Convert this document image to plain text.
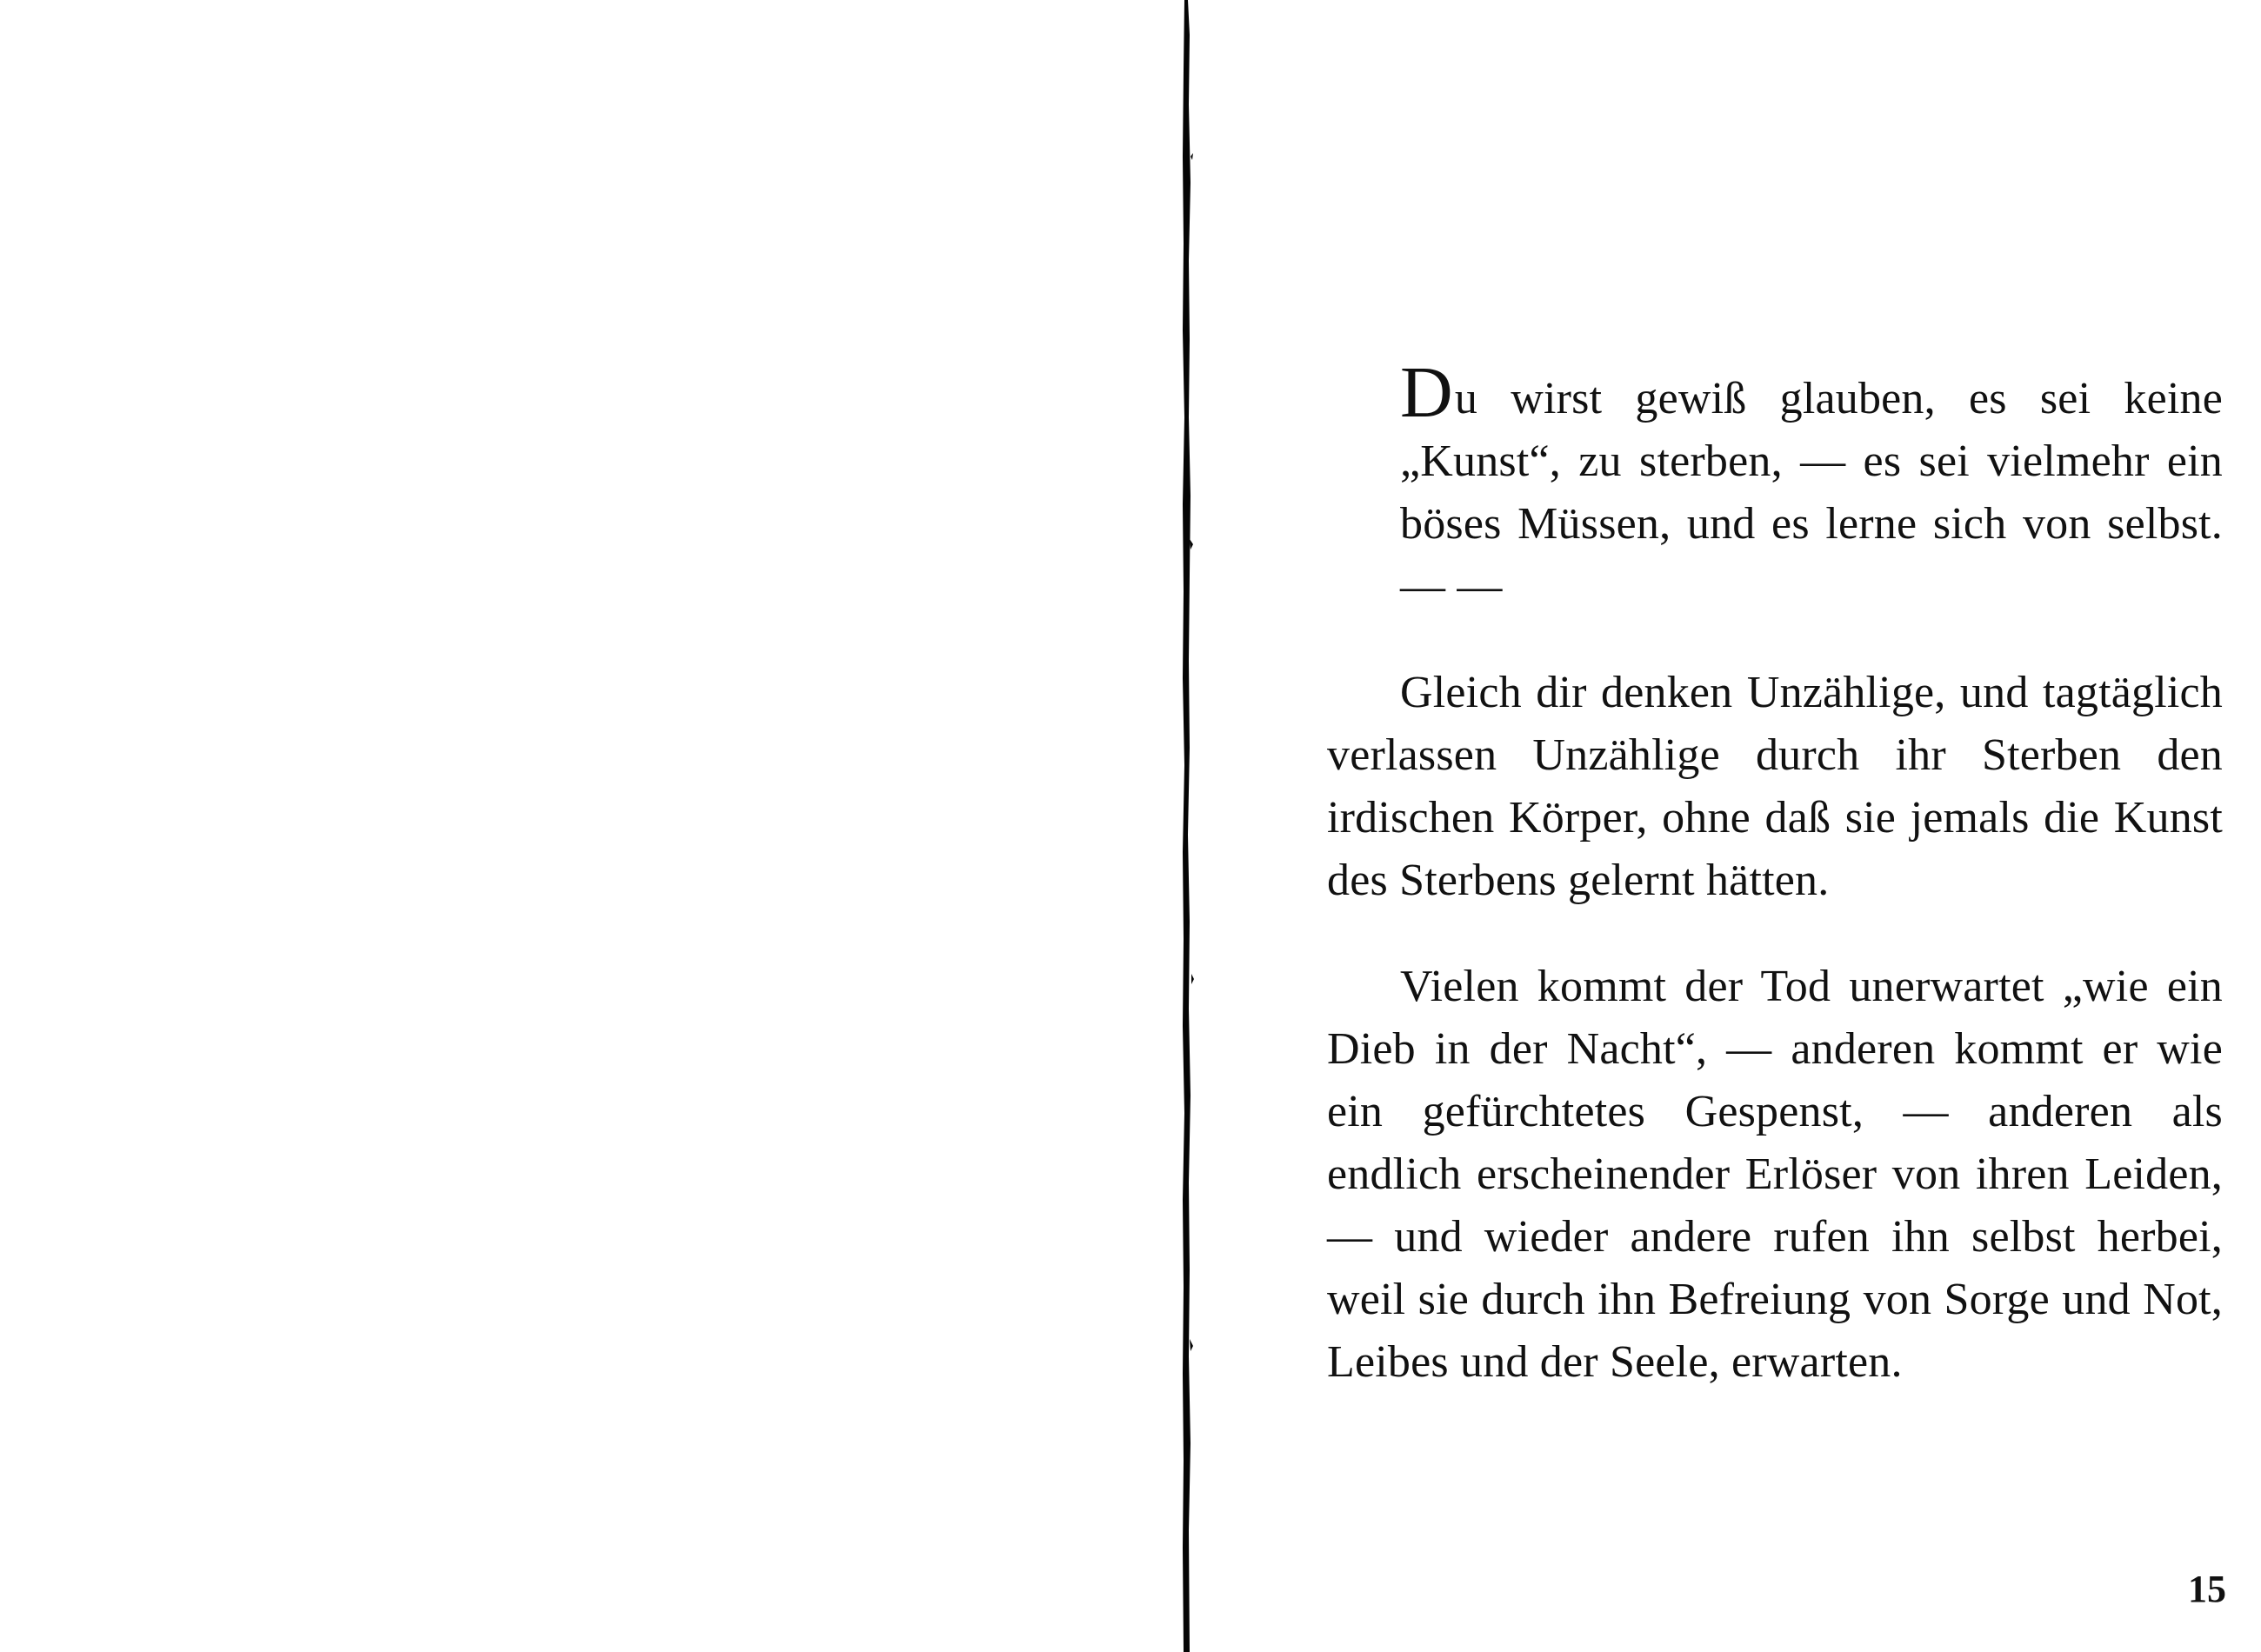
Du wirst gewiß glauben, es sei keine „Kunst“, zu sterben, — es sei vielmehr ein böses Müssen, und es lerne sich von selbst. — —

Gleich dir denken Unzählige, und tagtäglich verlassen Unzählige durch ihr Sterben den irdischen Körper, ohne daß sie jemals die Kunst des Sterbens gelernt hätten.

Vielen kommt der Tod unerwartet „wie ein Dieb in der Nacht“, — anderen kommt er wie ein gefürchtetes Gespenst, — anderen als endlich erscheinender Erlöser von ihren Leiden, — und wieder andere rufen ihn selbst herbei, weil sie durch ihn Befreiung von Sorge und Not, Leibes und der Seele, erwarten.

15
